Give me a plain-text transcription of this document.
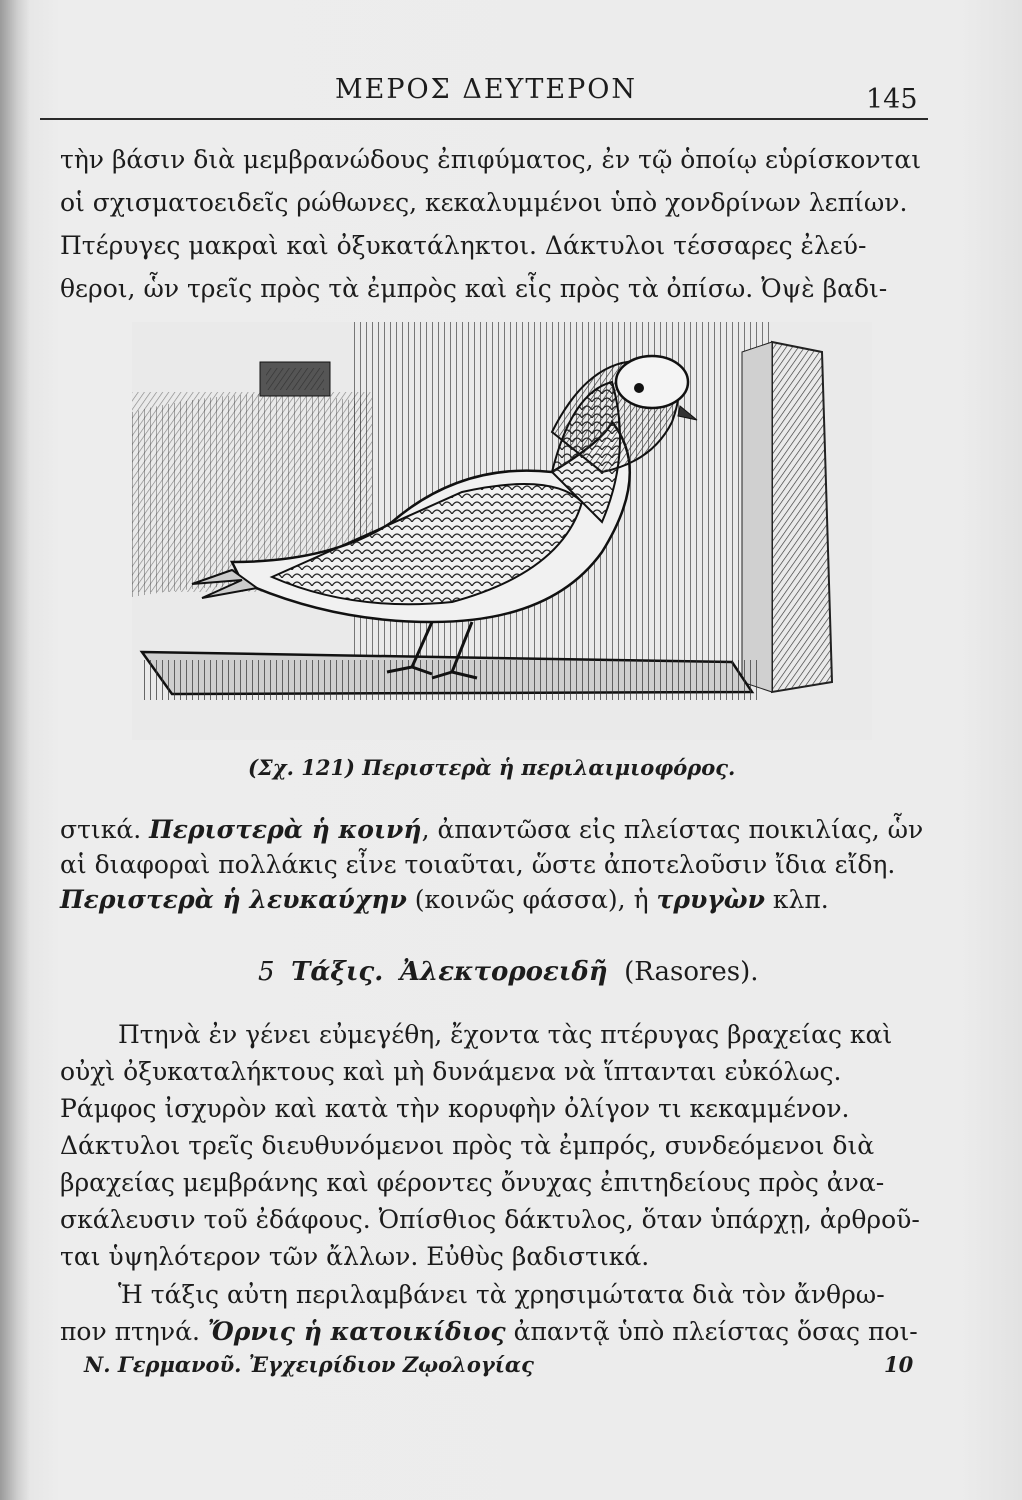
ΜΕΡΟΣ ΔΕΥΤΕΡΟΝ	145
τὴν βάσιν διὰ μεμβρανώδους ἐπιφύματος, ἐν τῷ ὁποίῳ εὑρίσκονται
οἱ σχισματοειδεῖς ρώθωνες, κεκαλυμμένοι ὑπὸ χονδρίνων λεπίων.
Πτέρυγες μακραὶ καὶ ὀξυκατάληκτοι. Δάκτυλοι τέσσαρες ἐλεύ-
θεροι, ὧν τρεῖς πρὸς τὰ ἐμπρὸς καὶ εἷς πρὸς τὰ ὀπίσω. Ὀψὲ βαδι-
(Σχ. 121) Περιστερὰ ἡ περιλαιμιοφόρος.
στικά. Περιστερὰ ἡ κοινή, ἀπαντῶσα εἰς πλείστας ποικιλίας, ὧν
αἱ διαφοραὶ πολλάκις εἶνε τοιαῦται, ὥστε ἀποτελοῦσιν ἴδια εἴδη.
Περιστερὰ ἡ λευκαύχην (κοινῶς φάσσα), ἡ τρυγὼν κλπ.
5 Τάξις. Ἀλεκτοροειδῆ (Rasores).
Πτηνὰ ἐν γένει εὐμεγέθη, ἔχοντα τὰς πτέρυγας βραχείας καὶ
οὐχὶ ὀξυκαταλήκτους καὶ μὴ δυνάμενα νὰ ἵπτανται εὐκόλως.
Ράμφος ἰσχυρὸν καὶ κατὰ τὴν κορυφὴν ὀλίγον τι κεκαμμένον.
Δάκτυλοι τρεῖς διευθυνόμενοι πρὸς τὰ ἐμπρός, συνδεόμενοι διὰ
βραχείας μεμβράνης καὶ φέροντες ὄνυχας ἐπιτηδείους πρὸς ἀνα-
σκάλευσιν τοῦ ἐδάφους. Ὀπίσθιος δάκτυλος, ὅταν ὑπάρχῃ, ἀρθροῦ-
ται ὑψηλότερον τῶν ἄλλων. Εὐθὺς βαδιστικά.
Ἡ τάξις αὐτη περιλαμβάνει τὰ χρησιμώτατα διὰ τὸν ἄνθρω-
πον πτηνά. Ὄρνις ἡ κατοικίδιος ἀπαντᾷ ὑπὸ πλείστας ὅσας ποι-
Ν. Γερμανοῦ. Ἐγχειρίδιον Ζῳολογίας	10
